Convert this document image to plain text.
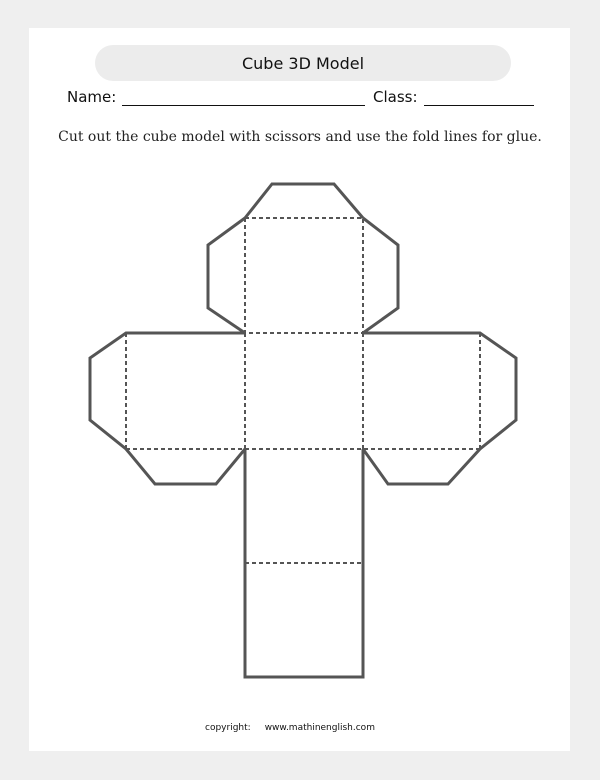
Cube 3D Model
Name:	Class:
Cut out the cube model with scissors and use the fold lines for glue.
copyright: www.mathinenglish.com
